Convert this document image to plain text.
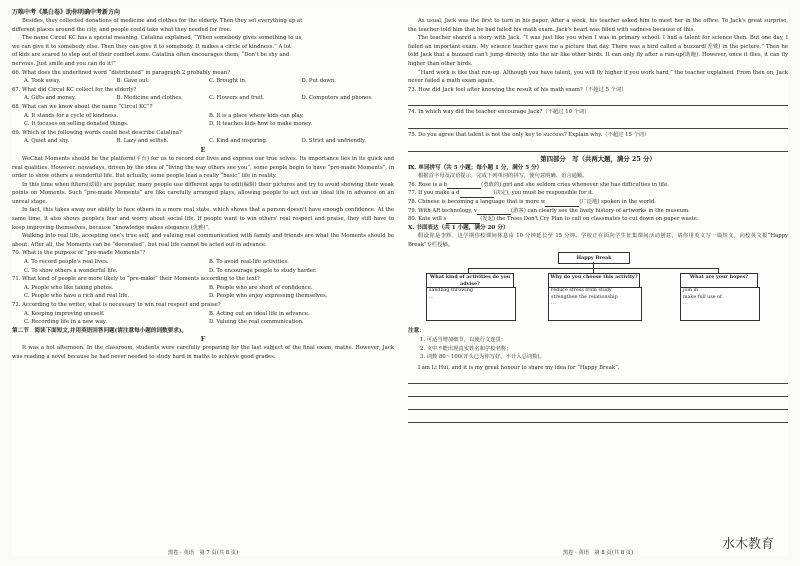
万唯中考《黑白卷》助你明确中考新方向
Besides, they collected donations of medicine and clothes for the elderly. Then they set everything up at
different places around the city, and people could take what they needed for free.
The name Circul KC has a special meaning. Catalina explained, “When somebody gives something to us,
we can give it to somebody else. Then they can give it to somebody. It makes a circle of kindness.” A lot
of kids are scared to step out of their comfort zone. Catalina often encourages them, “Don't be shy and
nervous. Just smile and you can do it!”
66. What does the underlined word “distributed” in paragraph 2 probably mean?
A. Took away.	B. Gave out.	C. Brought in.	D. Put down.
67. What did Circul KC collect for the elderly?
A. Gifts and money.	B. Medicine and clothes.	C. Flowers and fruit.	D. Computers and phones.
68. What can we know about the name “Circul KC”?
A. It stands for a cycle of kindness.	B. It is a place where kids can play.
C. It focuses on selling donated things.	D. It teaches kids how to make money.
69. Which of the following words could best describe Catalina?
A. Quiet and shy.	B. Lazy and selfish.	C. Kind and inspiring.	D. Strict and unfriendly.
E

WeChat Moments should be the platform(平台) for us to record our lives and express our true selves. Its importance lies in its quick and real qualities. However, nowadays, driven by the idea of “living the way others see you”, some people begin to have “pre-made Moments”, in order to show others a wonderful life. But actually, some people lead a really “basic” life in reality.

In this time when filters(滤镜) are popular, many people use different apps to edit(编辑) their pictures and try to avoid showing their weak points on Moments. Such “pre-made Moments” are like carefully arranged plays, allowing people to act out an ideal life in advance on an unreal stage.

In fact, this takes away our ability to face others in a more real state, which shows that a person doesn't have enough confidence. At the same time, it also shows people's fear and worry about social life. If people want to win others' real respect and praise, they still have to keep improving themselves, because “knowledge makes elegance (优雅)”.

Walking into real life, accepting one's true self, and valuing real communication with family and friends are what the Moments should be about. After all, the Moments can be “decorated”, but real life cannot be acted out in advance.

70. What is the purpose of “pre-made Moments”?
A. To record people's real lives.	B. To avoid real-life activities.
C. To show others a wonderful life.	D. To encourage people to study harder.
71. What kind of people are more likely to “pre-make” their Moments according to the text?
A. People who like taking photos.	B. People who are short of confidence.
C. People who have a rich and real life.	D. People who enjoy expressing themselves.
72. According to the writer, what is necessary to win real respect and praise?
A. Keeping improving oneself.	B. Acting out an ideal life in advance.
C. Recording life in a new way.	D. Valuing the real communication.
第二节　阅读下面短文,并用英语回答问题(请注意每小题的词数要求)。
F

It was a hot afternoon. In the classroom, students were carefully preparing for the last subject of the final exam, maths. However, Jack was reading a novel because he had never needed to study hard in maths to achieve good grades.

黑卷 · 英语　第 7 页(共 8 页)

As usual, Jack was the first to turn in his paper. After a week, his teacher asked him to meet her in the office. To Jack's great surprise, the teacher told him that he had failed his math exam. Jack's heart was filled with sadness because of this.

The teacher shared a story with Jack. “I was just like you when I was in primary school. I had a talent for science then. But one day, I failed an important exam. My science teacher gave me a picture that day. There was a bird called a buzzard(秃鹫) in the picture.” Then he told Jack that a buzzard can't jump directly into the air like other birds. It can only fly after a run-up(助跑). However, once it flies, it can fly higher than other birds.

“Hard work is like that run-up. Although you have talent, you will fly higher if you work hard,” the teacher explained. From then on, Jack never failed a math exam again.

73. How did Jack feel after knowing the result of his math exam?（不超过 5 个词）
74. In which way did the teacher encourage Jack?（不超过 10 个词）
75. Do you agree that talent is not the only key to success? Explain why.（不超过 15 个词）
第四部分　写（共两大题，满分 25 分）
Ⅸ. 单词拼写（共 5 小题；每小题 1 分，满分 5 分）
根据首字母及汉语提示，完成下列单词的拼写，使句意明确、语言通顺。
76. Rose is a b	(勇敢的) girl and she seldom cries whenever she has difficulties in life.
77. If you make a d	(决定), you must be responsible for it.
78. Chinese is becoming a language that is more w	(广泛地) spoken in the world.
79. With AR technology, v	(游客) can clearly see the lively history of artworks in the museum.
80. Kate will s	(发起) the Trees Don't Cry Plan to call on classmates to cut down on paper waste.
Ⅹ. 书面表达（共 1 小题，满分 20 分）

假设你是李辉，这学期你校课间休息由 10 分钟延长至 15 分钟。学校正在面向学生征集课间活动创意，请你用英文写一篇短文，向校英文报“Happy Break”专栏投稿。

Happy Break
What kind of activities do you advise?
sandbag throwing
…
Why do you choose this activity?
reduce stress from study
strengthen the relationship
…
What are your hopes?
join in
make full use of
…
注意：
1. 可适当增加细节，以使行文连贯；
2. 文中不能出现真实姓名和学校名称；
3. 词数 80～100(开头已为你写好，不计入总词数)。
I am Li Hui, and it is my great honour to share my idea for “Happy Break”.
黑卷 · 英语　第 8 页(共 8 页)
水木教育
